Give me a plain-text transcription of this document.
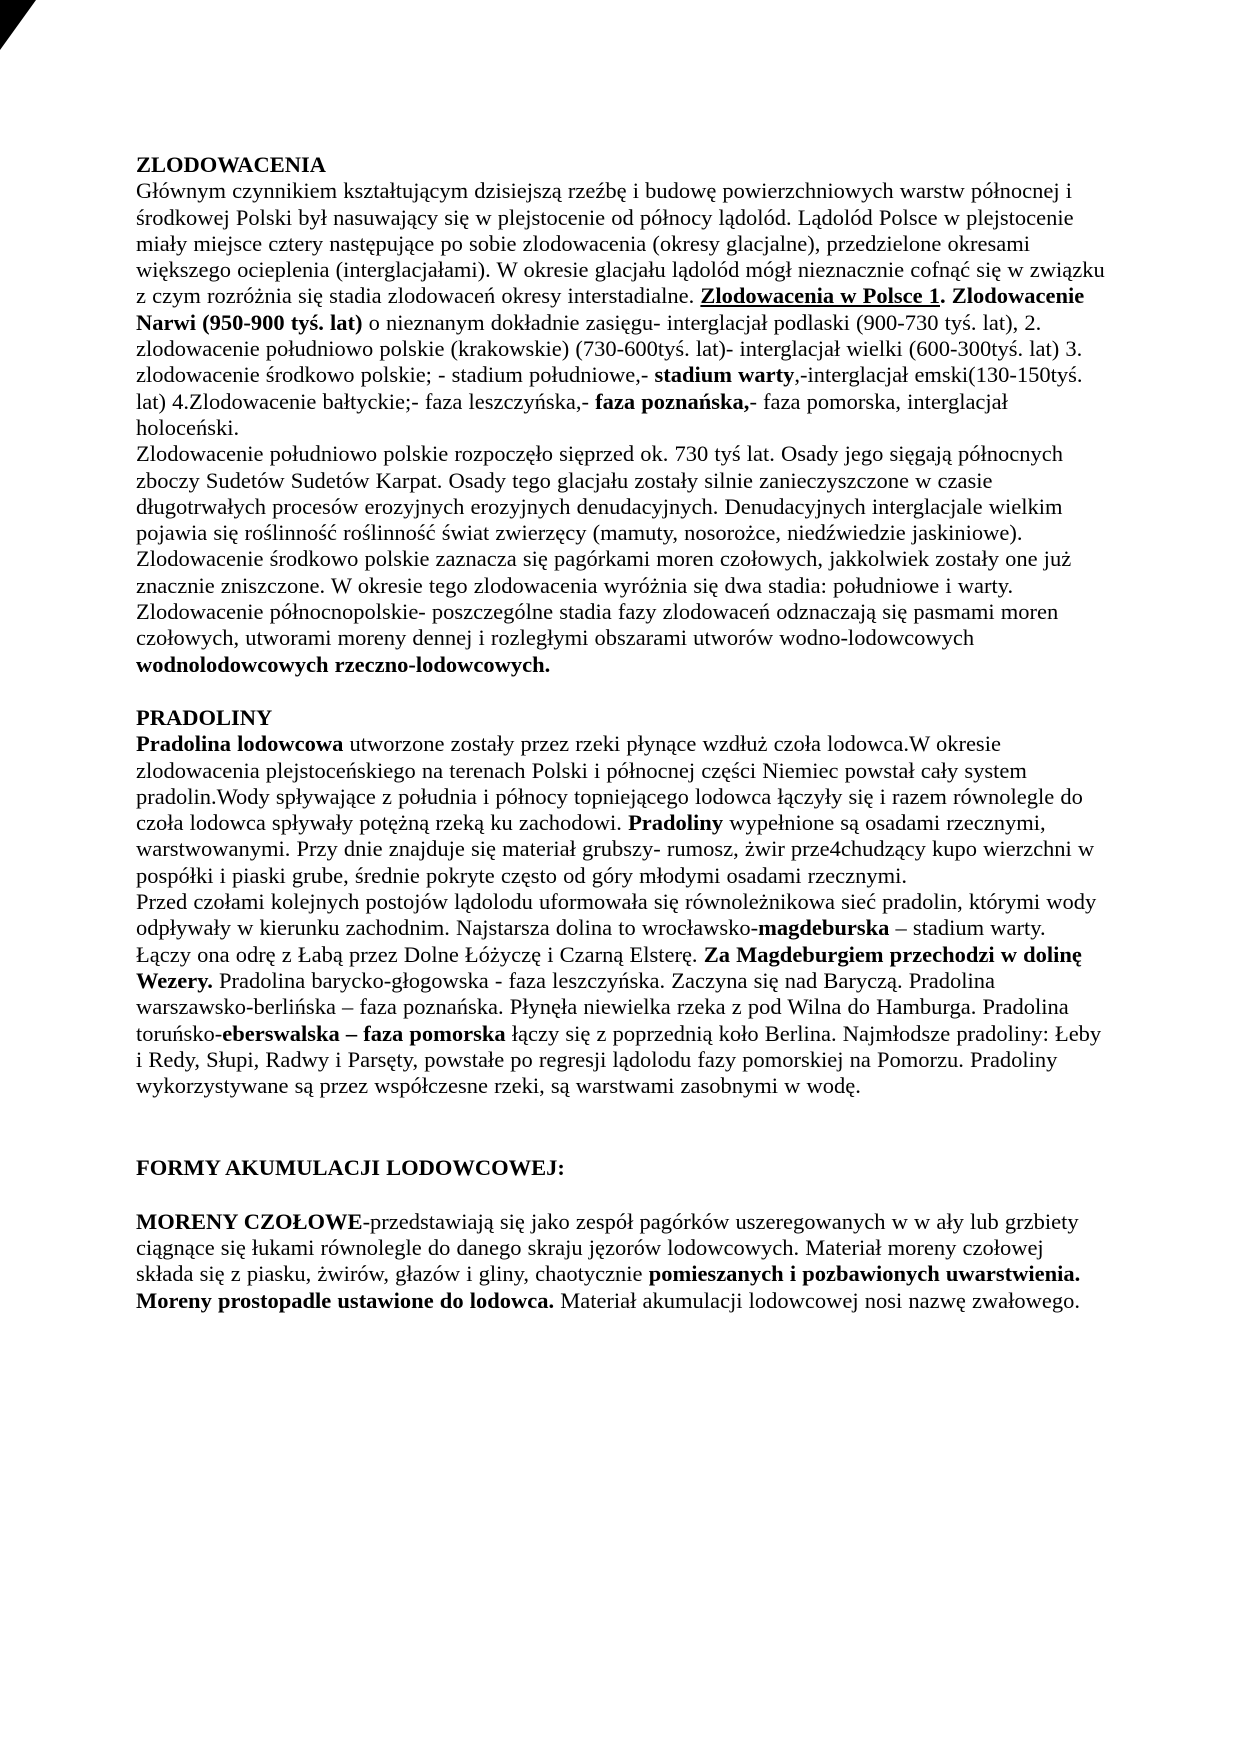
ZLODOWACENIA

Głównym czynnikiem kształtującym dzisiejszą rzeźbę i budowę powierzchniowych warstw północnej i środkowej Polski był nasuwający się w plejstocenie od północy lądolód. Lądolód Polsce w plejstocenie miały miejsce cztery następujące po sobie zlodowacenia (okresy glacjalne), przedzielone okresami większego ocieplenia (interglacjałami). W okresie glacjału lądolód mógł nieznacznie cofnąć się w związku z czym rozróżnia się stadia zlodowaceń okresy interstadialne. Zlodowacenia w Polsce 1. Zlodowacenie Narwi (950-900 tyś. lat) o nieznanym dokładnie zasięgu- interglacjał podlaski (900-730 tyś. lat), 2. zlodowacenie południowo polskie (krakowskie) (730-600tyś. lat)- interglacjał wielki (600-300tyś. lat) 3. zlodowacenie środkowo polskie; - stadium południowe,- stadium warty,-interglacjał emski(130-150tyś. lat) 4.Zlodowacenie bałtyckie;- faza leszczyńska,- faza poznańska,- faza pomorska, interglacjał holoceński.

Zlodowacenie południowo polskie rozpoczęło sięprzed ok. 730 tyś lat. Osady jego sięgają północnych zboczy Sudetów Sudetów Karpat. Osady tego glacjału zostały silnie zanieczyszczone w czasie długotrwałych procesów erozyjnych erozyjnych denudacyjnych. Denudacyjnych interglacjale wielkim pojawia się roślinność roślinność świat zwierzęcy (mamuty, nosorożce, niedźwiedzie jaskiniowe). Zlodowacenie środkowo polskie zaznacza się pagórkami moren czołowych, jakkolwiek zostały one już znacznie zniszczone. W okresie tego zlodowacenia wyróżnia się dwa stadia: południowe i warty. Zlodowacenie północnopolskie- poszczególne stadia fazy zlodowaceń odznaczają się pasmami moren czołowych, utworami moreny dennej i rozległymi obszarami utworów wodno-lodowcowych wodnolodowcowych rzeczno-lodowcowych.

PRADOLINY

Pradolina lodowcowa utworzone zostały przez rzeki płynące wzdłuż czoła lodowca.W okresie zlodowacenia plejstoceńskiego na terenach Polski i północnej części Niemiec powstał cały system pradolin.Wody spływające z południa i północy topniejącego lodowca łączyły się i razem równolegle do czoła lodowca spływały potężną rzeką ku zachodowi. Pradoliny wypełnione są osadami rzecznymi, warstwowanymi. Przy dnie znajduje się materiał grubszy- rumosz, żwir prze4chudzący kupo wierzchni w pospółki i piaski grube, średnie pokryte często od góry młodymi osadami rzecznymi.

Przed czołami kolejnych postojów lądolodu uformowała się równoleżnikowa sieć pradolin, którymi wody odpływały w kierunku zachodnim. Najstarsza dolina to wrocławsko-magdeburska – stadium warty. Łączy ona odrę z Łabą przez Dolne Łóżyczę i Czarną Elsterę. Za Magdeburgiem przechodzi w dolinę Wezery. Pradolina barycko-głogowska - faza leszczyńska. Zaczyna się nad Baryczą. Pradolina warszawsko-berlińska – faza poznańska. Płynęła niewielka rzeka z pod Wilna do Hamburga. Pradolina toruńsko-eberswalska – faza pomorska łączy się z poprzednią koło Berlina. Najmłodsze pradoliny: Łeby i Redy, Słupi, Radwy i Parsęty, powstałe po regresji lądolodu fazy pomorskiej na Pomorzu. Pradoliny wykorzystywane są przez współczesne rzeki, są warstwami zasobnymi w wodę.

FORMY AKUMULACJI LODOWCOWEJ:

MORENY CZOŁOWE-przedstawiają się jako zespół pagórków uszeregowanych w w ały lub grzbiety ciągnące się łukami równolegle do danego skraju jęzorów lodowcowych. Materiał moreny czołowej składa się z piasku, żwirów, głazów i gliny, chaotycznie pomieszanych i pozbawionych uwarstwienia. Moreny prostopadle ustawione do lodowca. Materiał akumulacji lodowcowej nosi nazwę zwałowego.
